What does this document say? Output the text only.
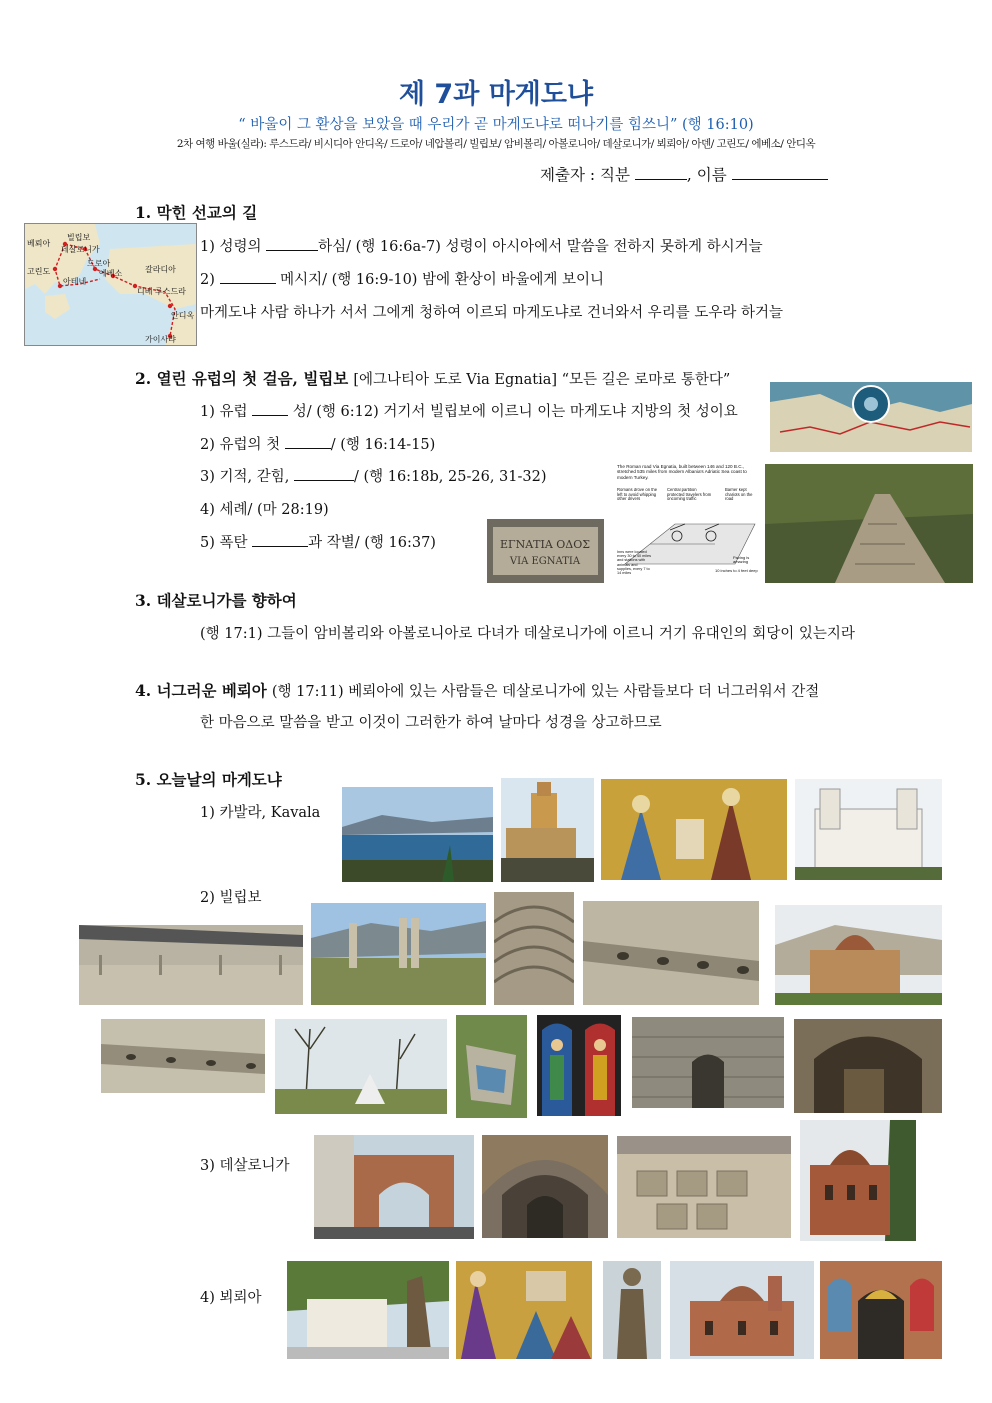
제 7과 마게도냐
“ 바울이 그 환상을 보았을 때 우리가 곧 마게도냐로 떠나기를 힘쓰니” (행 16:10)
2차 여행 바울(실라): 루스드라/ 비시디아 안디옥/ 드로아/ 네압볼리/ 빌립보/ 암비볼리/ 아볼로니아/ 데살로니가/ 뵈뢰아/ 아덴/ 고린도/ 에베소/ 안디옥
제출자 : 직분	, 이름
1. 막힌 선교의 길
빌립보
베뢰아
데살로니가
드로아
고린도	에베소
아테네
갈라디아
디베 루스드라
안디옥
가이사랴
1) 성령의	하심/ (행 16:6a-7) 성령이 아시아에서 말씀을 전하지 못하게 하시거늘
2)	메시지/ (행 16:9-10) 밤에 환상이 바울에게 보이니
마게도냐 사람 하나가 서서 그에게 청하여 이르되 마게도냐로 건너와서 우리를 도우라 하거늘
2. 열린 유럽의 첫 걸음, 빌립보 [에그나티아 도로 Via Egnatia] “모든 길은 로마로 통한다”
1) 유럽	성/ (행 6:12) 거기서 빌립보에 이르니 이는 마게도냐 지방의 첫 성이요
2) 유럽의 첫	/ (행 16:14-15)
3) 기적, 갇힘,	/ (행 16:18b, 25-26, 31-32)
4) 세례/ (마 28:19)
5) 폭탄	과 작별/ (행 16:37)	ΕΓΝΑΤΙΑ ΟΔΟΣ
VIA EGNATIA
The Roman road Via Egnatia, built between 146 and 120 B.C., stretched 535 miles from modern Albania's Adriatic Sea coast to modern Turkey.
Romans drove on the left to avoid whipping other drivers
Central partition protected travelers from oncoming traffic
Barrier kept chariots on the road
Inns were located every 30 to 40 miles and stations with animals and supplies, every 7 to 14 miles
Paving is amazing
10 inches to 4 feet deep
3. 데살로니가를 향하여
(행 17:1) 그들이 암비볼리와 아볼로니아로 다녀가 데살로니가에 이르니 거기 유대인의 회당이 있는지라
4. 너그러운 베뢰아 (행 17:11) 베뢰아에 있는 사람들은 데살로니가에 있는 사람들보다 더 너그러워서 간절
한 마음으로 말씀을 받고 이것이 그러한가 하여 날마다 성경을 상고하므로
5. 오늘날의 마게도냐
1) 카발라, Kavala
2) 빌립보
3) 데살로니가
4) 뵈뢰아
